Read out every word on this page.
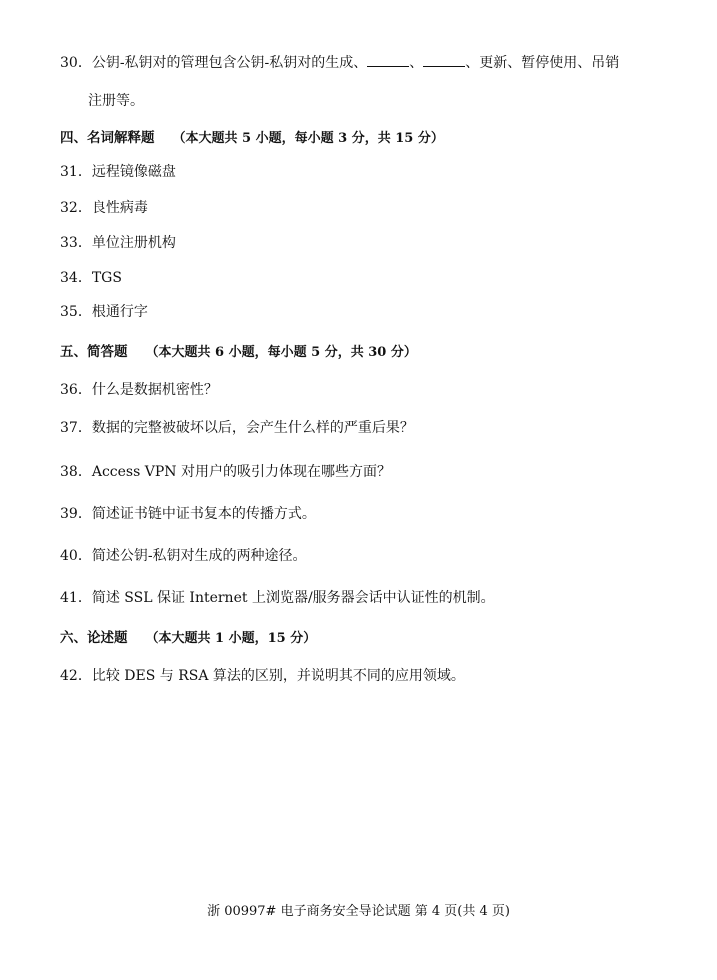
30．公钥-私钥对的管理包含公钥-私钥对的生成、	、	、更新、暂停使用、吊销
注册等。
四、名词解释题 （本大题共 5 小题，每小题 3 分，共 15 分）
31．远程镜像磁盘
32．良性病毒
33．单位注册机构
34．TGS
35．根通行字
五、简答题 （本大题共 6 小题，每小题 5 分，共 30 分）
36．什么是数据机密性？
37．数据的完整被破坏以后，会产生什么样的严重后果？
38．Access VPN 对用户的吸引力体现在哪些方面？
39．简述证书链中证书复本的传播方式。
40．简述公钥-私钥对生成的两种途径。
41．简述 SSL 保证 Internet 上浏览器/服务器会话中认证性的机制。
六、论述题 （本大题共 1 小题，15 分）
42．比较 DES 与 RSA 算法的区别，并说明其不同的应用领域。
浙 00997# 电子商务安全导论试题 第 4 页(共 4 页)
